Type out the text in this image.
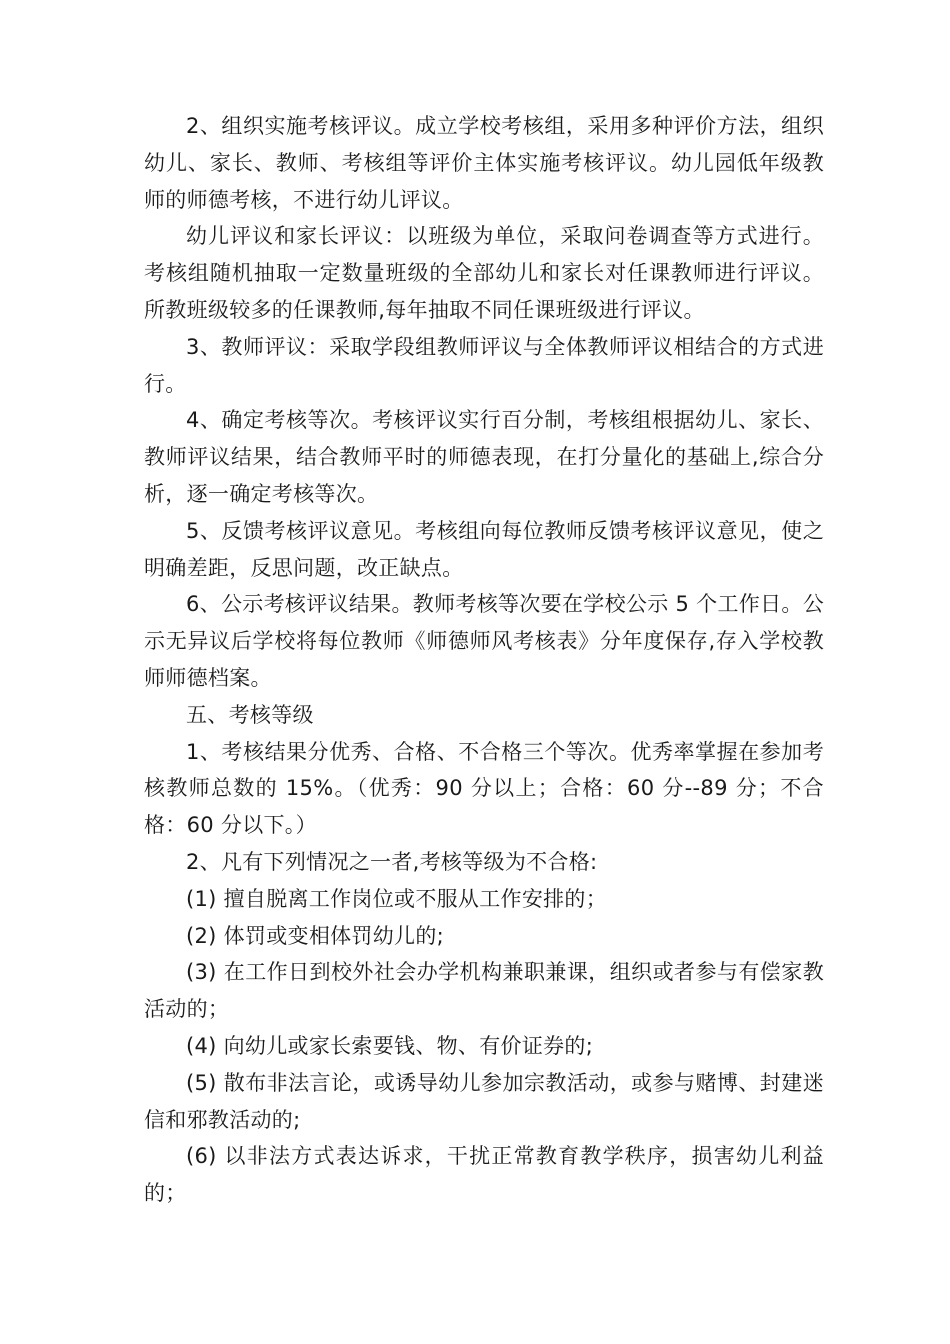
2、组织实施考核评议。成立学校考核组，采用多种评价方法，组织幼儿、家长、教师、考核组等评价主体实施考核评议。幼儿园低年级教师的师德考核，不进行幼儿评议。

幼儿评议和家长评议：以班级为单位，采取问卷调查等方式进行。考核组随机抽取一定数量班级的全部幼儿和家长对任课教师进行评议。所教班级较多的任课教师,每年抽取不同任课班级进行评议。

3、教师评议：采取学段组教师评议与全体教师评议相结合的方式进行。

4、确定考核等次。考核评议实行百分制，考核组根据幼儿、家长、教师评议结果，结合教师平时的师德表现，在打分量化的基础上,综合分析，逐一确定考核等次。

5、反馈考核评议意见。考核组向每位教师反馈考核评议意见，使之明确差距，反思问题，改正缺点。

6、公示考核评议结果。教师考核等次要在学校公示 5 个工作日。公示无异议后学校将每位教师《师德师风考核表》分年度保存,存入学校教师师德档案。

五、考核等级

1、考核结果分优秀、合格、不合格三个等次。优秀率掌握在参加考核教师总数的 15%。（优秀：90 分以上；合格：60 分--89 分；不合格：60 分以下。）

2、凡有下列情况之一者,考核等级为不合格:

(1) 擅自脱离工作岗位或不服从工作安排的；

(2) 体罚或变相体罚幼儿的;

(3) 在工作日到校外社会办学机构兼职兼课，组织或者参与有偿家教活动的；

(4) 向幼儿或家长索要钱、物、有价证券的;

(5) 散布非法言论，或诱导幼儿参加宗教活动，或参与赌博、封建迷信和邪教活动的;

(6) 以非法方式表达诉求，干扰正常教育教学秩序，损害幼儿利益的；
